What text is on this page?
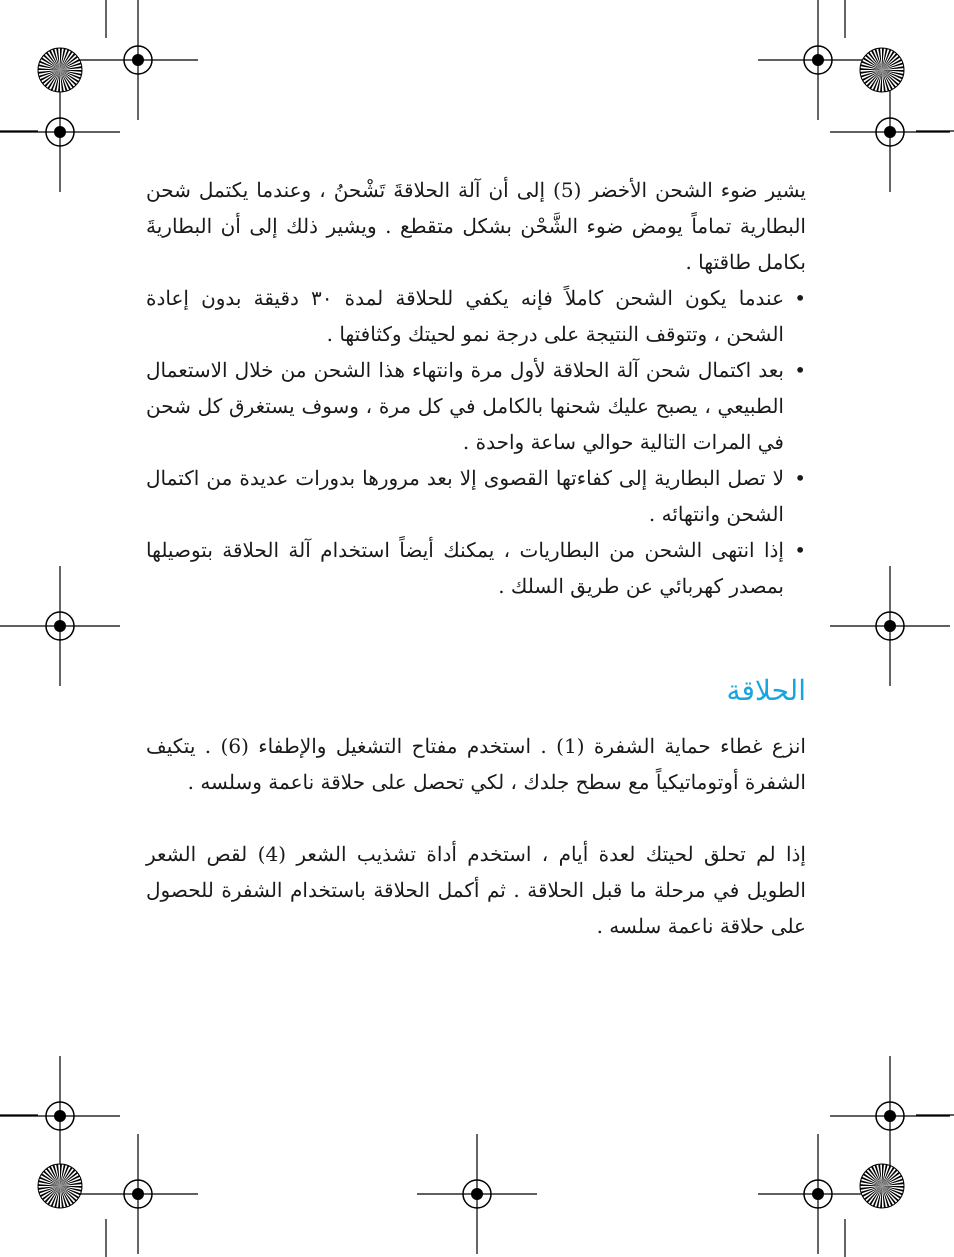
يشير ضوء الشحن الأخضر (5) إلى أن آلة الحلاقةَ تَشْحنُ ، وعندما يكتمل شحن البطارية تماماً يومض ضوء الشَّحْن بشكل متقطع . ويشير ذلك إلى أن البطاريةَ بكامل طاقتها .

•
عندما يكون الشحن كاملاً فإنه يكفي للحلاقة لمدة ٣٠ دقيقة بدون إعادة الشحن ، وتتوقف النتيجة على درجة نمو لحيتك وكثافتها .
•
بعد اكتمال شحن آلة الحلاقة لأول مرة وانتهاء هذا الشحن من خلال الاستعمال الطبيعي ، يصبح عليك شحنها بالكامل في كل مرة ، وسوف يستغرق كل شحن في المرات التالية حوالي ساعة واحدة .
•
لا تصل البطارية إلى كفاءتها القصوى إلا بعد مرورها بدورات عديدة من اكتمال الشحن وانتهائه .
•
إذا انتهى الشحن من البطاريات ، يمكنك أيضاً استخدام آلة الحلاقة بتوصيلها بمصدر كهربائي عن طريق السلك .
الحلاقة

انزع غطاء حماية الشفرة (1) . استخدم مفتاح التشغيل والإطفاء (6) . يتكيف الشفرة أوتوماتيكياً مع سطح جلدك ، لكي تحصل على حلاقة ناعمة وسلسه .

إذا لم تحلق لحيتك لعدة أيام ، استخدم أداة تشذيب الشعر (4) لقص الشعر الطويل في مرحلة ما قبل الحلاقة . ثم أكمل الحلاقة باستخدام الشفرة للحصول على حلاقة ناعمة سلسه .
